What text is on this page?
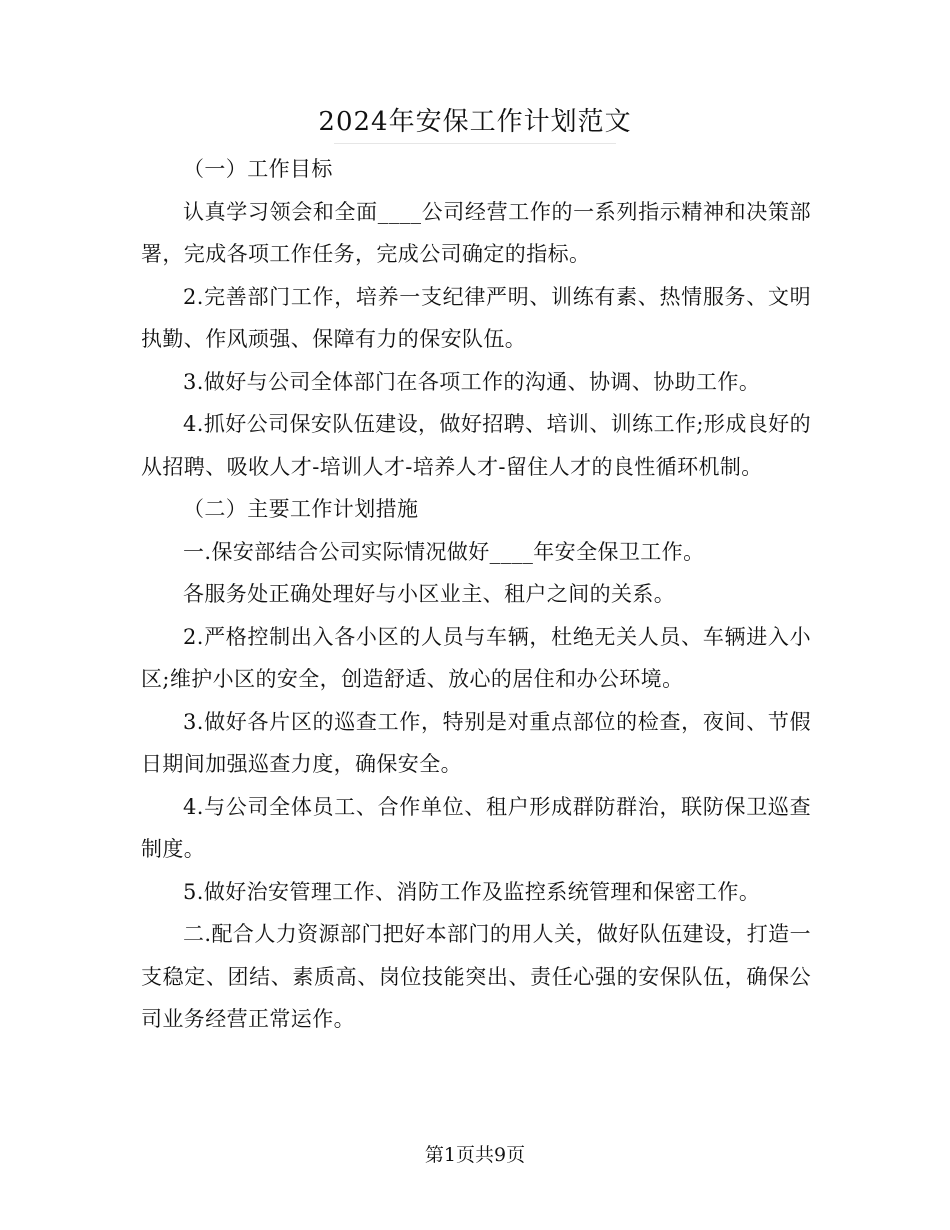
2024年安保工作计划范文

（一）工作目标

认真学习领会和全面____公司经营工作的一系列指示精神和决策部署，完成各项工作任务，完成公司确定的指标。

2.完善部门工作，培养一支纪律严明、训练有素、热情服务、文明执勤、作风顽强、保障有力的保安队伍。

3.做好与公司全体部门在各项工作的沟通、协调、协助工作。

4.抓好公司保安队伍建设，做好招聘、培训、训练工作;形成良好的从招聘、吸收人才-培训人才-培养人才-留住人才的良性循环机制。

（二）主要工作计划措施

一.保安部结合公司实际情况做好____年安全保卫工作。

各服务处正确处理好与小区业主、租户之间的关系。

2.严格控制出入各小区的人员与车辆，杜绝无关人员、车辆进入小区;维护小区的安全，创造舒适、放心的居住和办公环境。

3.做好各片区的巡查工作，特别是对重点部位的检查，夜间、节假日期间加强巡查力度，确保安全。

4.与公司全体员工、合作单位、租户形成群防群治，联防保卫巡查制度。

5.做好治安管理工作、消防工作及监控系统管理和保密工作。

二.配合人力资源部门把好本部门的用人关，做好队伍建设，打造一支稳定、团结、素质高、岗位技能突出、责任心强的安保队伍，确保公司业务经营正常运作。

第1页共9页
